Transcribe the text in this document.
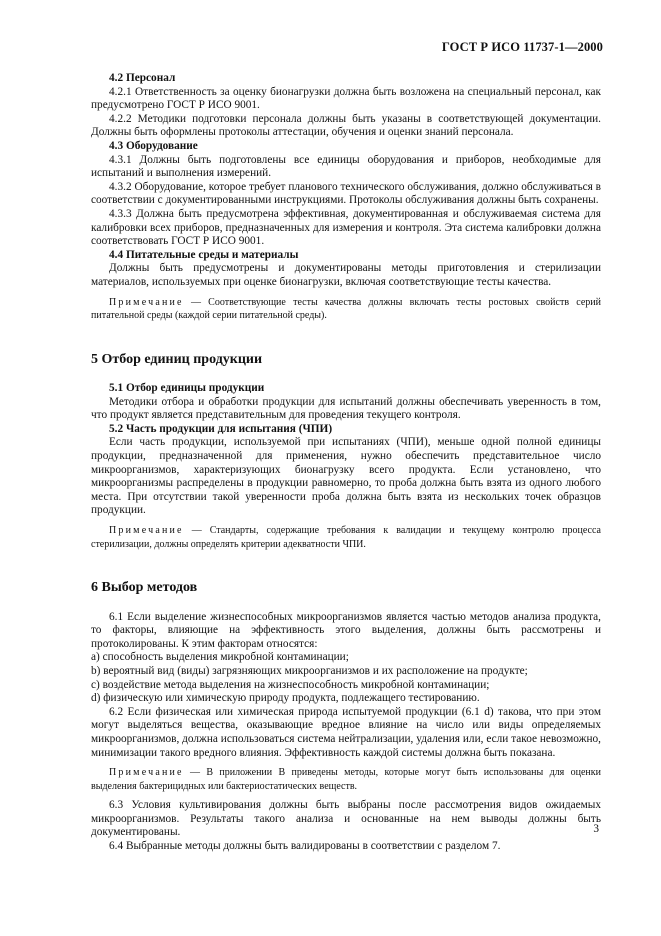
ГОСТ Р ИСО 11737-1—2000

4.2 Персонал

4.2.1 Ответственность за оценку бионагрузки должна быть возложена на специальный персонал, как предусмотрено ГОСТ Р ИСО 9001.

4.2.2 Методики подготовки персонала должны быть указаны в соответствующей документации. Должны быть оформлены протоколы аттестации, обучения и оценки знаний персонала.

4.3 Оборудование

4.3.1 Должны быть подготовлены все единицы оборудования и приборов, необходимые для испытаний и выполнения измерений.

4.3.2 Оборудование, которое требует планового технического обслуживания, должно обслуживаться в соответствии с документированными инструкциями. Протоколы обслуживания должны быть сохранены.

4.3.3 Должна быть предусмотрена эффективная, документированная и обслуживаемая система для калибровки всех приборов, предназначенных для измерения и контроля. Эта система калибровки должна соответствовать ГОСТ Р ИСО 9001.

4.4 Питательные среды и материалы

Должны быть предусмотрены и документированы методы приготовления и стерилизации материалов, используемых при оценке бионагрузки, включая соответствующие тесты качества.

Примечание — Соответствующие тесты качества должны включать тесты ростовых свойств серий питательной среды (каждой серии питательной среды).

5 Отбор единиц продукции

5.1 Отбор единицы продукции

Методики отбора и обработки продукции для испытаний должны обеспечивать уверенность в том, что продукт является представительным для проведения текущего контроля.

5.2 Часть продукции для испытания (ЧПИ)

Если часть продукции, используемой при испытаниях (ЧПИ), меньше одной полной единицы продукции, предназначенной для применения, нужно обеспечить представительное число микроорганизмов, характеризующих бионагрузку всего продукта. Если установлено, что микроорганизмы распределены в продукции равномерно, то проба должна быть взята из одного любого места. При отсутствии такой уверенности проба должна быть взята из нескольких точек образцов продукции.

Примечание — Стандарты, содержащие требования к валидации и текущему контролю процесса стерилизации, должны определять критерии адекватности ЧПИ.

6 Выбор методов

6.1 Если выделение жизнеспособных микроорганизмов является частью методов анализа продукта, то факторы, влияющие на эффективность этого выделения, должны быть рассмотрены и протоколированы. К этим факторам относятся:

a) способность выделения микробной контаминации;

b) вероятный вид (виды) загрязняющих микроорганизмов и их расположение на продукте;

c) воздействие метода выделения на жизнеспособность микробной контаминации;

d) физическую или химическую природу продукта, подлежащего тестированию.

6.2 Если физическая или химическая природа испытуемой продукции (6.1 d) такова, что при этом могут выделяться вещества, оказывающие вредное влияние на число или виды определяемых микроорганизмов, должна использоваться система нейтрализации, удаления или, если такое невозможно, минимизации такого вредного влияния. Эффективность каждой системы должна быть показана.

Примечание — В приложении В приведены методы, которые могут быть использованы для оценки выделения бактерицидных или бактериостатических веществ.

6.3 Условия культивирования должны быть выбраны после рассмотрения видов ожидаемых микроорганизмов. Результаты такого анализа и основанные на нем выводы должны быть документированы.

6.4 Выбранные методы должны быть валидированы в соответствии с разделом 7.

3
